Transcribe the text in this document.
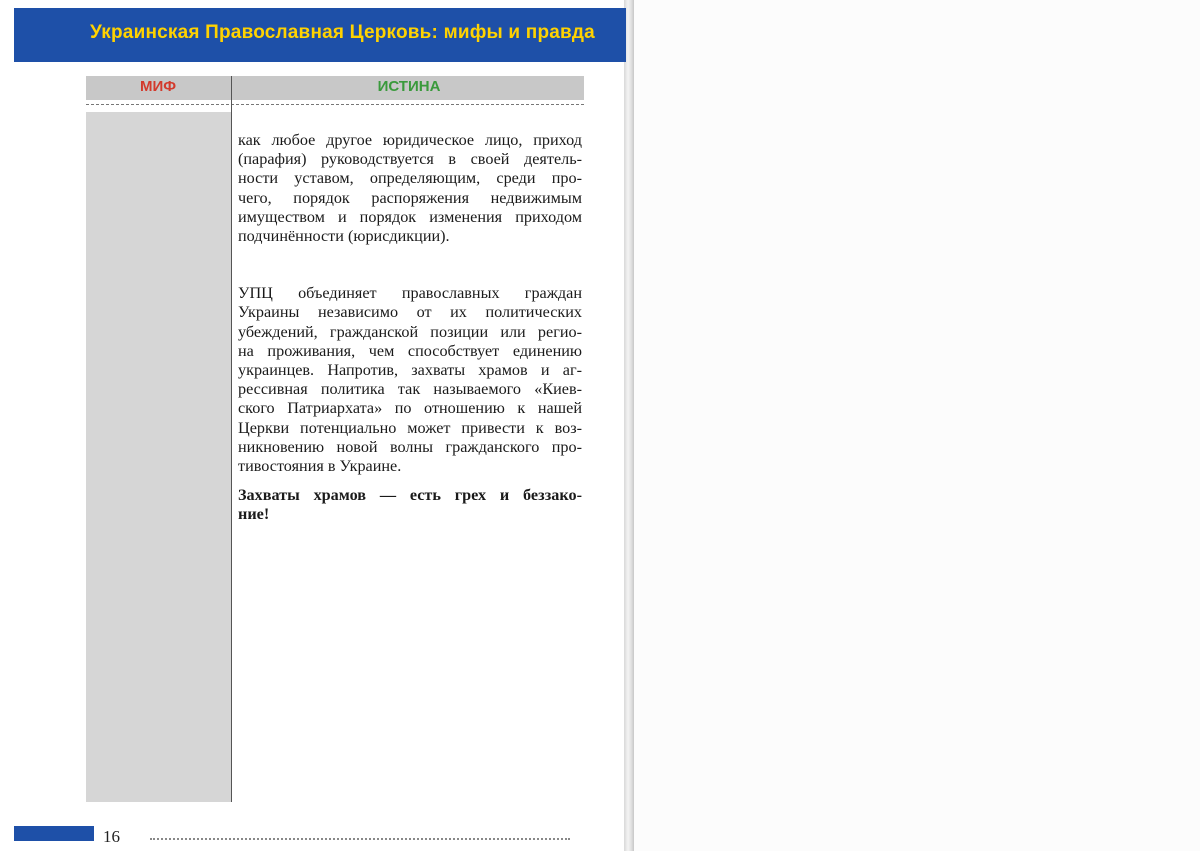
Украинская Православная Церковь: мифы и правда
МИФ	ИСТИНА

как любое другое юридическое лицо, приход
(парафия) руководствуется в своей деятель-
ности уставом, определяющим, среди про-
чего, порядок распоряжения недвижимым
имуществом и порядок изменения приходом
подчинённости (юрисдикции).

УПЦ объединяет православных граждан
Украины независимо от их политических
убеждений, гражданской позиции или регио-
на проживания, чем способствует единению
украинцев. Напротив, захваты храмов и аг-
рессивная политика так называемого «Киев-
ского Патриархата» по отношению к нашей
Церкви потенциально может привести к воз-
никновению новой волны гражданского про-
тивостояния в Украине.

Захваты храмов — есть грех и беззако-
ние!

16
